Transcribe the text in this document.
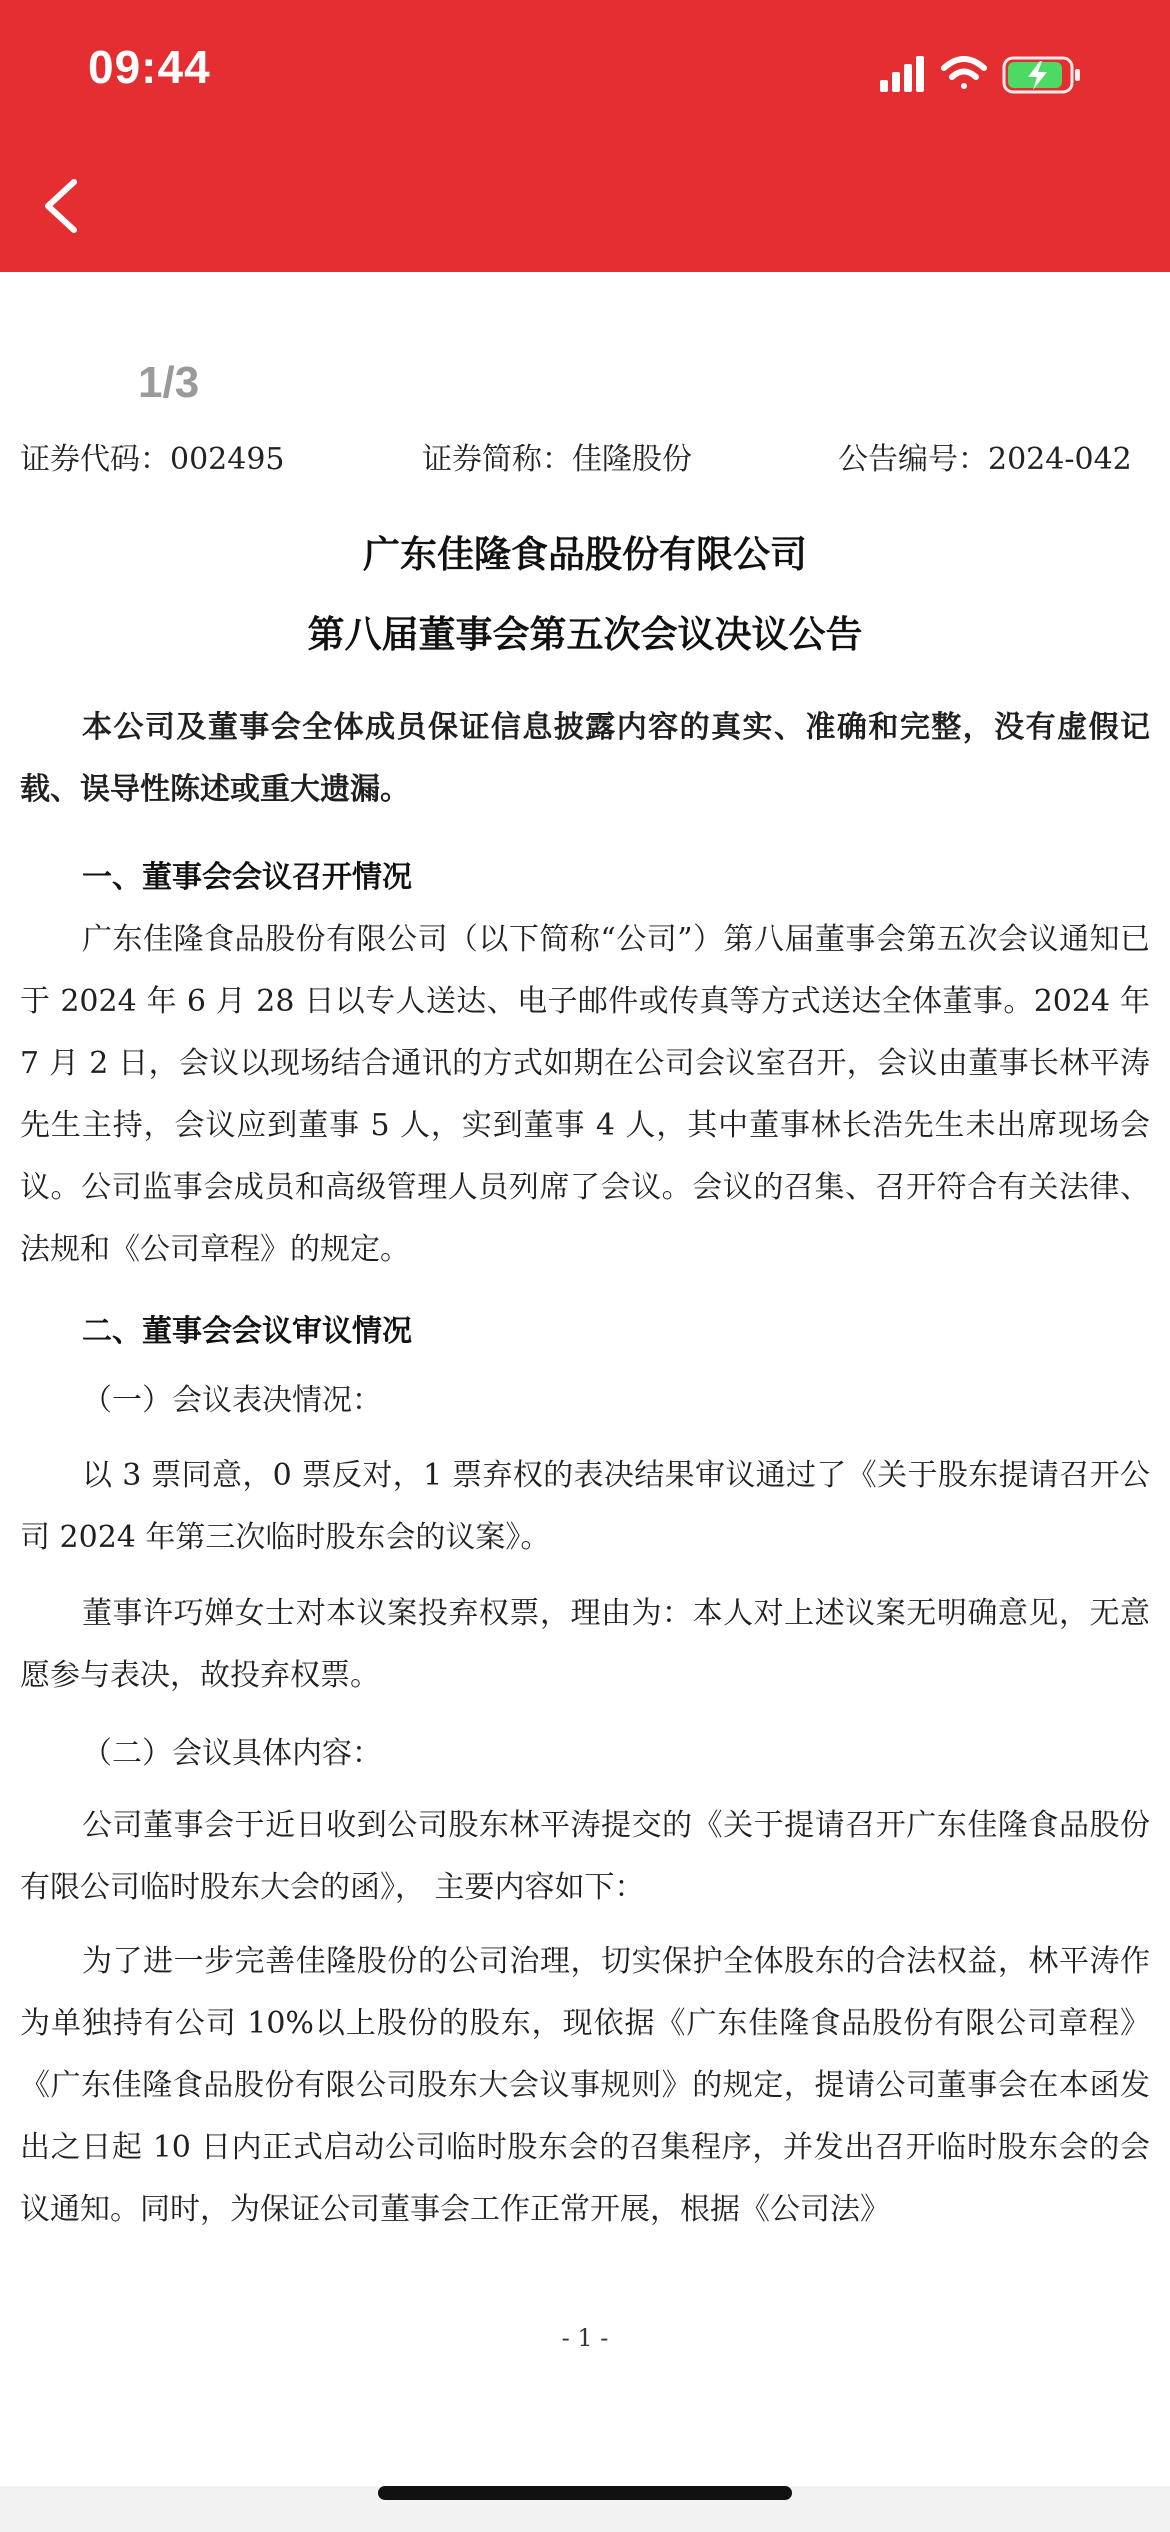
09:44
1/3
证券代码：002495	证券简称：佳隆股份	公告编号：2024-042
广东佳隆食品股份有限公司
第八届董事会第五次会议决议公告
本公司及董事会全体成员保证信息披露内容的真实、准确和完整，没有虚假记载、误导性陈述或重大遗漏。
一、董事会会议召开情况
广东佳隆食品股份有限公司（以下简称“公司”）第八届董事会第五次会议通知已于 2024 年 6 月 28 日以专人送达、电子邮件或传真等方式送达全体董事。2024 年 7 月 2 日，会议以现场结合通讯的方式如期在公司会议室召开，会议由董事长林平涛先生主持，会议应到董事 5 人，实到董事 4 人，其中董事林长浩先生未出席现场会议。公司监事会成员和高级管理人员列席了会议。会议的召集、召开符合有关法律、法规和《公司章程》的规定。
二、董事会会议审议情况
（一）会议表决情况：
以 3 票同意，0 票反对，1 票弃权的表决结果审议通过了《关于股东提请召开公司 2024 年第三次临时股东会的议案》。
董事许巧婵女士对本议案投弃权票，理由为：本人对上述议案无明确意见，无意愿参与表决，故投弃权票。
（二）会议具体内容：
公司董事会于近日收到公司股东林平涛提交的《关于提请召开广东佳隆食品股份有限公司临时股东大会的函》， 主要内容如下：
为了进一步完善佳隆股份的公司治理，切实保护全体股东的合法权益，林平涛作为单独持有公司 10%以上股份的股东，现依据《广东佳隆食品股份有限公司章程》《广东佳隆食品股份有限公司股东大会议事规则》的规定，提请公司董事会在本函发出之日起 10 日内正式启动公司临时股东会的召集程序，并发出召开临时股东会的会议通知。同时，为保证公司董事会工作正常开展，根据《公司法》
- 1 -
